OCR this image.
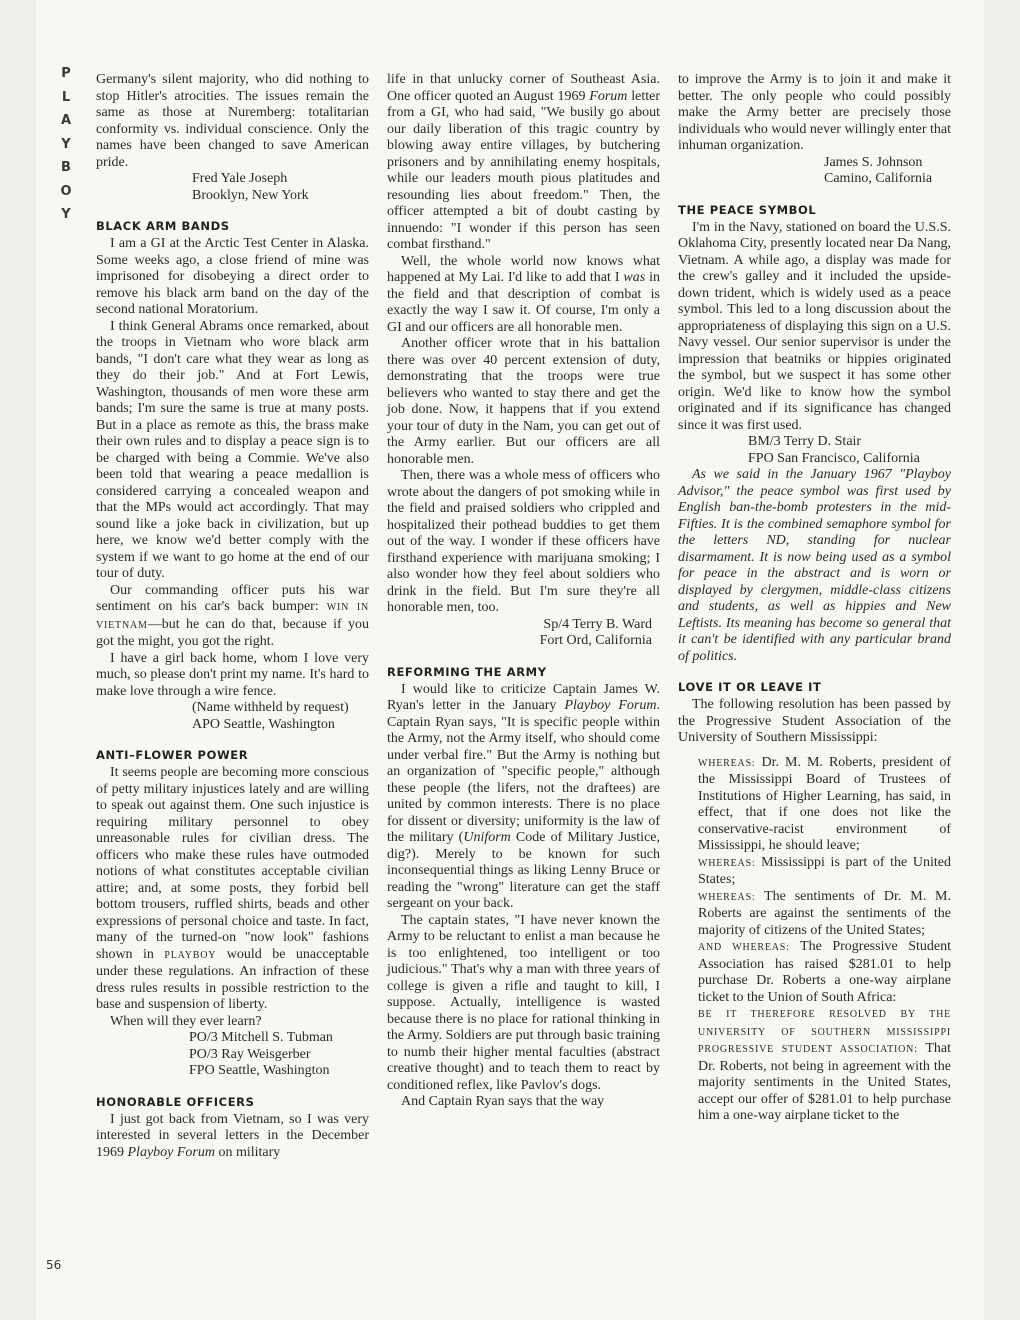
P
L
A
Y
B
O
Y

Germany's silent majority, who did nothing to stop Hitler's atrocities. The issues remain the same as those at Nuremberg: totalitarian conformity vs. individual conscience. Only the names have been changed to save American pride.

Fred Yale Joseph
Brooklyn, New York
BLACK ARM BANDS

I am a GI at the Arctic Test Center in Alaska. Some weeks ago, a close friend of mine was imprisoned for disobeying a direct order to remove his black arm band on the day of the second national Moratorium.

I think General Abrams once remarked, about the troops in Vietnam who wore black arm bands, "I don't care what they wear as long as they do their job." And at Fort Lewis, Washington, thousands of men wore these arm bands; I'm sure the same is true at many posts. But in a place as remote as this, the brass make their own rules and to display a peace sign is to be charged with being a Commie. We've also been told that wearing a peace medallion is considered carrying a concealed weapon and that the MPs would act accordingly. That may sound like a joke back in civilization, but up here, we know we'd better comply with the system if we want to go home at the end of our tour of duty.

Our commanding officer puts his war sentiment on his car's back bumper: WIN IN VIETNAM—but he can do that, because if you got the might, you got the right.

I have a girl back home, whom I love very much, so please don't print my name. It's hard to make love through a wire fence.

(Name withheld by request)
APO Seattle, Washington
ANTI–FLOWER POWER

It seems people are becoming more conscious of petty military injustices lately and are willing to speak out against them. One such injustice is requiring military personnel to obey unreasonable rules for civilian dress. The officers who make these rules have outmoded notions of what constitutes acceptable civilian attire; and, at some posts, they forbid bell bottom trousers, ruffled shirts, beads and other expressions of personal choice and taste. In fact, many of the turned-on "now look" fashions shown in PLAYBOY would be unacceptable under these regulations. An infraction of these dress rules results in possible restriction to the base and suspension of liberty.

When will they ever learn?

PO/3 Mitchell S. Tubman
PO/3 Ray Weisgerber
FPO Seattle, Washington
HONORABLE OFFICERS

I just got back from Vietnam, so I was very interested in several letters in the December 1969 Playboy Forum on military

life in that unlucky corner of Southeast Asia. One officer quoted an August 1969 Forum letter from a GI, who had said, "We busily go about our daily liberation of this tragic country by blowing away entire villages, by butchering prisoners and by annihilating enemy hospitals, while our leaders mouth pious platitudes and resounding lies about freedom." Then, the officer attempted a bit of doubt casting by innuendo: "I wonder if this person has seen combat firsthand."

Well, the whole world now knows what happened at My Lai. I'd like to add that I was in the field and that description of combat is exactly the way I saw it. Of course, I'm only a GI and our officers are all honorable men.

Another officer wrote that in his battalion there was over 40 percent extension of duty, demonstrating that the troops were true believers who wanted to stay there and get the job done. Now, it happens that if you extend your tour of duty in the Nam, you can get out of the Army earlier. But our officers are all honorable men.

Then, there was a whole mess of officers who wrote about the dangers of pot smoking while in the field and praised soldiers who crippled and hospitalized their pothead buddies to get them out of the way. I wonder if these officers have firsthand experience with marijuana smoking; I also wonder how they feel about soldiers who drink in the field. But I'm sure they're all honorable men, too.

Sp/4 Terry B. Ward
Fort Ord, California
REFORMING THE ARMY

I would like to criticize Captain James W. Ryan's letter in the January Playboy Forum. Captain Ryan says, "It is specific people within the Army, not the Army itself, who should come under verbal fire." But the Army is nothing but an organization of "specific people," although these people (the lifers, not the draftees) are united by common interests. There is no place for dissent or diversity; uniformity is the law of the military (Uniform Code of Military Justice, dig?). Merely to be known for such inconsequential things as liking Lenny Bruce or reading the "wrong" literature can get the staff sergeant on your back.

The captain states, "I have never known the Army to be reluctant to enlist a man because he is too enlightened, too intelligent or too judicious." That's why a man with three years of college is given a rifle and taught to kill, I suppose. Actually, intelligence is wasted because there is no place for rational thinking in the Army. Soldiers are put through basic training to numb their higher mental faculties (abstract creative thought) and to teach them to react by conditioned reflex, like Pavlov's dogs.

And Captain Ryan says that the way

to improve the Army is to join it and make it better. The only people who could possibly make the Army better are precisely those individuals who would never willingly enter that inhuman organization.

James S. Johnson
Camino, California
THE PEACE SYMBOL

I'm in the Navy, stationed on board the U.S.S. Oklahoma City, presently located near Da Nang, Vietnam. A while ago, a display was made for the crew's galley and it included the upside-down trident, which is widely used as a peace symbol. This led to a long discussion about the appropriateness of displaying this sign on a U.S. Navy vessel. Our senior supervisor is under the impression that beatniks or hippies originated the symbol, but we suspect it has some other origin. We'd like to know how the symbol originated and if its significance has changed since it was first used.

BM/3 Terry D. Stair
FPO San Francisco, California

As we said in the January 1967 "Playboy Advisor," the peace symbol was first used by English ban-the-bomb protesters in the mid-Fifties. It is the combined semaphore symbol for the letters ND, standing for nuclear disarmament. It is now being used as a symbol for peace in the abstract and is worn or displayed by clergymen, middle-class citizens and students, as well as hippies and New Leftists. Its meaning has become so general that it can't be identified with any particular brand of politics.

LOVE IT OR LEAVE IT

The following resolution has been passed by the Progressive Student Association of the University of Southern Mississippi:

WHEREAS: Dr. M. M. Roberts, president of the Mississippi Board of Trustees of Institutions of Higher Learning, has said, in effect, that if one does not like the conservative-racist environment of Mississippi, he should leave;

WHEREAS: Mississippi is part of the United States;

WHEREAS: The sentiments of Dr. M. M. Roberts are against the sentiments of the majority of citizens of the United States;

AND WHEREAS: The Progressive Student Association has raised $281.01 to help purchase Dr. Roberts a one-way airplane ticket to the Union of South Africa:

BE IT THEREFORE RESOLVED BY THE UNIVERSITY OF SOUTHERN MISSISSIPPI PROGRESSIVE STUDENT ASSOCIATION: That Dr. Roberts, not being in agreement with the majority sentiments in the United States, accept our offer of $281.01 to help purchase him a one-way airplane ticket to the

56
